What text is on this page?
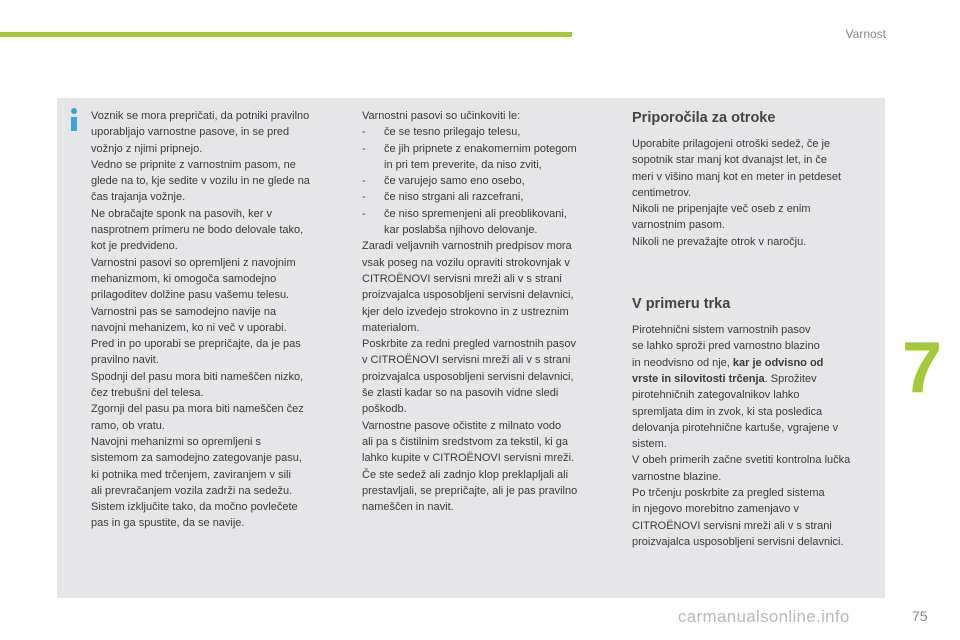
Varnost
Voznik se mora prepričati, da potniki pravilno
uporabljajo varnostne pasove, in se pred
vožnjo z njimi pripnejo.
Vedno se pripnite z varnostnim pasom, ne
glede na to, kje sedite v vozilu in ne glede na
čas trajanja vožnje.
Ne obračajte sponk na pasovih, ker v
nasprotnem primeru ne bodo delovale tako,
kot je predvideno.
Varnostni pasovi so opremljeni z navojnim
mehanizmom, ki omogoča samodejno
prilagoditev dolžine pasu vašemu telesu.
Varnostni pas se samodejno navije na
navojni mehanizem, ko ni več v uporabi.
Pred in po uporabi se prepričajte, da je pas
pravilno navit.
Spodnji del pasu mora biti nameščen nizko,
čez trebušni del telesa.
Zgornji del pasu pa mora biti nameščen čez
ramo, ob vratu.
Navojni mehanizmi so opremljeni s
sistemom za samodejno zategovanje pasu,
ki potnika med trčenjem, zaviranjem v sili
ali prevračanjem vozila zadrži na sedežu.
Sistem izključite tako, da močno povlečete
pas in ga spustite, da se navije.
Varnostni pasovi so učinkoviti le:
-	če se tesno prilegajo telesu,
-	če jih pripnete z enakomernim potegom
in pri tem preverite, da niso zviti,
-	če varujejo samo eno osebo,
-	če niso strgani ali razcefrani,
-	če niso spremenjeni ali preoblikovani,
kar poslabša njihovo delovanje.
Zaradi veljavnih varnostnih predpisov mora
vsak poseg na vozilu opraviti strokovnjak v
CITROËNOVI servisni mreži ali v s strani
proizvajalca usposobljeni servisni delavnici,
kjer delo izvedejo strokovno in z ustreznim
materialom.
Poskrbite za redni pregled varnostnih pasov
v CITROËNOVI servisni mreži ali v s strani
proizvajalca usposobljeni servisni delavnici,
še zlasti kadar so na pasovih vidne sledi
poškodb.
Varnostne pasove očistite z milnato vodo
ali pa s čistilnim sredstvom za tekstil, ki ga
lahko kupite v CITROËNOVI servisni mreži.
Če ste sedež ali zadnjo klop preklapljali ali
prestavljali, se prepričajte, ali je pas pravilno
nameščen in navit.
Priporočila za otroke
Uporabite prilagojeni otroški sedež, če je
sopotnik star manj kot dvanajst let, in če
meri v višino manj kot en meter in petdeset
centimetrov.
Nikoli ne pripenjajte več oseb z enim
varnostnim pasom.
Nikoli ne prevažajte otrok v naročju.
V primeru trka
Pirotehnični sistem varnostnih pasov
se lahko sproži pred varnostno blazino
in neodvisno od nje, kar je odvisno od
vrste in silovitosti trčenja. Sprožitev
pirotehničnih zategovalnikov lahko
spremljata dim in zvok, ki sta posledica
delovanja pirotehnične kartuše, vgrajene v
sistem.
V obeh primerih začne svetiti kontrolna lučka
varnostne blazine.
Po trčenju poskrbite za pregled sistema
in njegovo morebitno zamenjavo v
CITROËNOVI servisni mreži ali v s strani
proizvajalca usposobljeni servisni delavnici.
7
carmanualsonline.info	75
